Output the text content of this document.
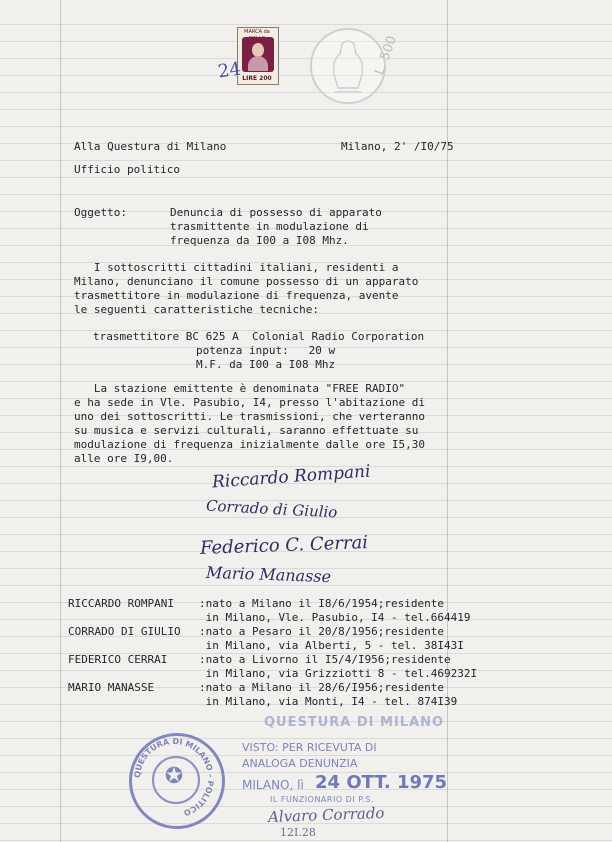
MARCA da
LIRE 200
24	L. 500
Alla Questura di Milano	Milano, 2' /I0/75
Ufficio politico
Oggetto:	Denuncia di possesso di apparato
trasmittente in modulazione di
frequenza da I00 a I08 Mhz.
I sottoscritti cittadini italiani, residenti a
Milano, denunciano il comune possesso di un apparato
trasmettitore in modulazione di frequenza, avente
le seguenti caratteristiche tecniche:
trasmettitore BC 625 A  Colonial Radio Corporation
potenza input:   20 w
M.F. da I00 a I08 Mhz
La stazione emittente è denominata "FREE RADIO"
e ha sede in Vle. Pasubio, I4, presso l'abitazione di
uno dei sottoscritti. Le trasmissioni, che verteranno
su musica e servizi culturali, saranno effettuate su
modulazione di frequenza inizialmente dalle ore I5,30
alle ore I9,00.
Riccardo Rompani
Corrado di Giulio
Federico C. Cerrai
Mario Manasse
RICCARDO ROMPANI :nato a Milano il I8/6/1954;residente
in Milano, Vle. Pasubio, I4 - tel.664419
CORRADO DI GIULIO :nato a Pesaro il 20/8/1956;residente
in Milano, via Alberti, 5 - tel. 38I43I
FEDERICO CERRAI	:nato a Livorno il I5/4/I956;residente
in Milano, via Grizziotti 8 - tel.469232I
MARIO MANASSE	:nato a Milano il 28/6/I956;residente
in Milano, via Monti, I4 - tel. 874I39
QUESTURA DI MILANO - POLITICO
✪
QUESTURA DI MILANO
VISTO: PER RICEVUTA DI
ANALOGA DENUNZIA
MILANO, lì 24 OTT. 1975
IL FUNZIONARIO DI P.S.
Alvaro Corrado
12I.28
